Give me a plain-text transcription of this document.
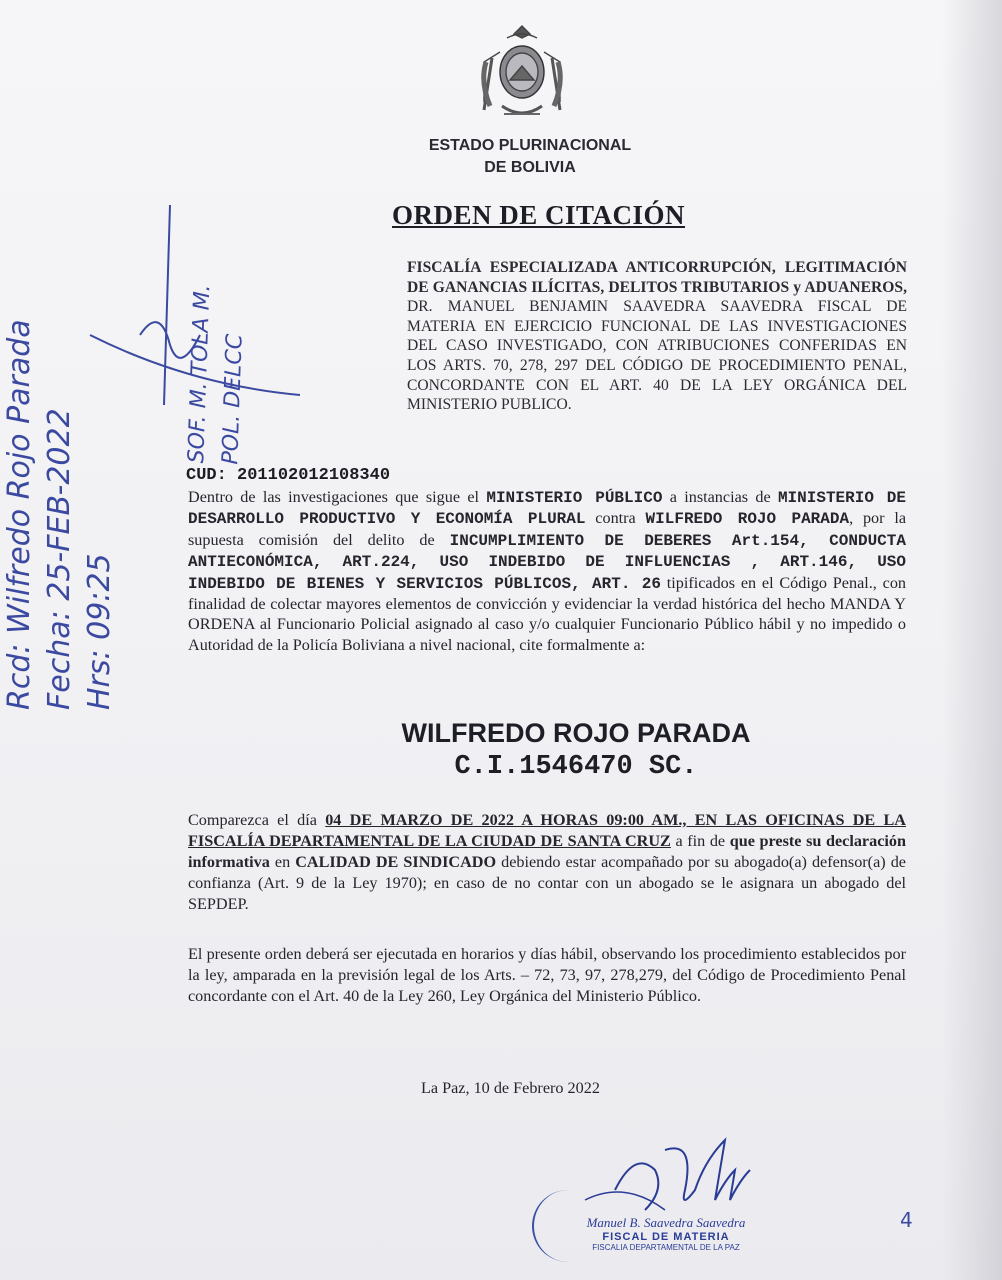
ESTADO PLURINACIONAL
DE BOLIVIA
ORDEN DE CITACIÓN
FISCALÍA ESPECIALIZADA ANTICORRUPCIÓN, LEGITIMACIÓN DE GANANCIAS ILÍCITAS, DELITOS TRIBUTARIOS y ADUANEROS, DR. MANUEL BENJAMIN SAAVEDRA SAAVEDRA FISCAL DE MATERIA EN EJERCICIO FUNCIONAL DE LAS INVESTIGACIONES DEL CASO INVESTIGADO, CON ATRIBUCIONES CONFERIDAS EN LOS ARTS. 70, 278, 297 DEL CÓDIGO DE PROCEDIMIENTO PENAL, CONCORDANTE CON EL ART. 40 DE LA LEY ORGÁNICA DEL MINISTERIO PUBLICO.
CUD: 201102012108340
Dentro de las investigaciones que sigue el MINISTERIO PÚBLICO a instancias de MINISTERIO DE DESARROLLO PRODUCTIVO Y ECONOMÍA PLURAL contra WILFREDO ROJO PARADA, por la supuesta comisión del delito de INCUMPLIMIENTO DE DEBERES Art.154, CONDUCTA ANTIECONÓMICA, ART.224, USO INDEBIDO DE INFLUENCIAS , ART.146, USO INDEBIDO DE BIENES Y SERVICIOS PÚBLICOS, ART. 26 tipificados en el Código Penal., con finalidad de colectar mayores elementos de convicción y evidenciar la verdad histórica del hecho MANDA Y ORDENA al Funcionario Policial asignado al caso y/o cualquier Funcionario Público hábil y no impedido o Autoridad de la Policía Boliviana a nivel nacional, cite formalmente a:
WILFREDO ROJO PARADA
C.I.1546470 SC.
Comparezca el día 04 DE MARZO DE 2022 A HORAS 09:00 AM., EN LAS OFICINAS DE LA FISCALÍA DEPARTAMENTAL DE LA CIUDAD DE SANTA CRUZ a fin de que preste su declaración informativa en CALIDAD DE SINDICADO debiendo estar acompañado por su abogado(a) defensor(a) de confianza (Art. 9 de la Ley 1970); en caso de no contar con un abogado se le asignara un abogado del SEPDEP.
El presente orden deberá ser ejecutada en horarios y días hábil, observando los procedimiento establecidos por la ley, amparada en la previsión legal de los Arts. – 72, 73, 97, 278,279, del Código de Procedimiento Penal concordante con el Art. 40 de la Ley 260, Ley Orgánica del Ministerio Público.
La Paz, 10 de Febrero 2022
Manuel B. Saavedra Saavedra
FISCAL DE MATERIA
FISCALIA DEPARTAMENTAL DE LA PAZ
Rcd: Wilfredo Rojo Parada Fecha: 25-FEB-2022 Hrs: 09:25
SOF. M. TOLA M. POL. DELCC
4
